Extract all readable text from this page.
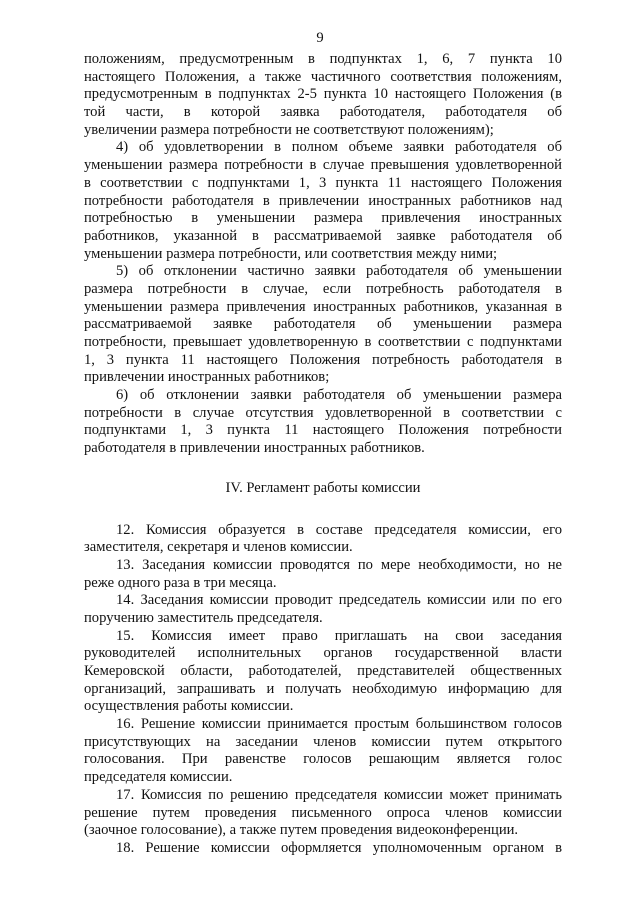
9
положениям, предусмотренным в подпунктах 1, 6, 7 пункта 10
настоящего Положения, а также частичного соответствия положениям,
предусмотренным в подпунктах 2-5 пункта 10 настоящего Положения (в
той части, в которой заявка работодателя, работодателя об
увеличении размера потребности не соответствуют положениям);
4) об удовлетворении в полном объеме заявки работодателя об
уменьшении размера потребности в случае превышения удовлетворенной
в соответствии с подпунктами 1, 3 пункта 11 настоящего Положения
потребности работодателя в привлечении иностранных работников над
потребностью в уменьшении размера привлечения иностранных
работников, указанной в рассматриваемой заявке работодателя об
уменьшении размера потребности, или соответствия между ними;
5) об отклонении частично заявки работодателя об уменьшении
размера потребности в случае, если потребность работодателя в
уменьшении размера привлечения иностранных работников, указанная в
рассматриваемой заявке работодателя об уменьшении размера
потребности, превышает удовлетворенную в соответствии с подпунктами
1, 3 пункта 11 настоящего Положения потребность работодателя в
привлечении иностранных работников;
6) об отклонении заявки работодателя об уменьшении размера
потребности в случае отсутствия удовлетворенной в соответствии с
подпунктами 1, 3 пункта 11 настоящего Положения потребности
работодателя в привлечении иностранных работников.
IV. Регламент работы комиссии
12. Комиссия образуется в составе председателя комиссии, его
заместителя, секретаря и членов комиссии.
13. Заседания комиссии проводятся по мере необходимости, но не
реже одного раза в три месяца.
14. Заседания комиссии проводит председатель комиссии или по его
поручению заместитель председателя.
15. Комиссия имеет право приглашать на свои заседания
руководителей исполнительных органов государственной власти
Кемеровской области, работодателей, представителей общественных
организаций, запрашивать и получать необходимую информацию для
осуществления работы комиссии.
16. Решение комиссии принимается простым большинством голосов
присутствующих на заседании членов комиссии путем открытого
голосования. При равенстве голосов решающим является голос
председателя комиссии.
17. Комиссия по решению председателя комиссии может принимать
решение путем проведения письменного опроса членов комиссии
(заочное голосование), а также путем проведения видеоконференции.
18. Решение комиссии оформляется уполномоченным органом в
